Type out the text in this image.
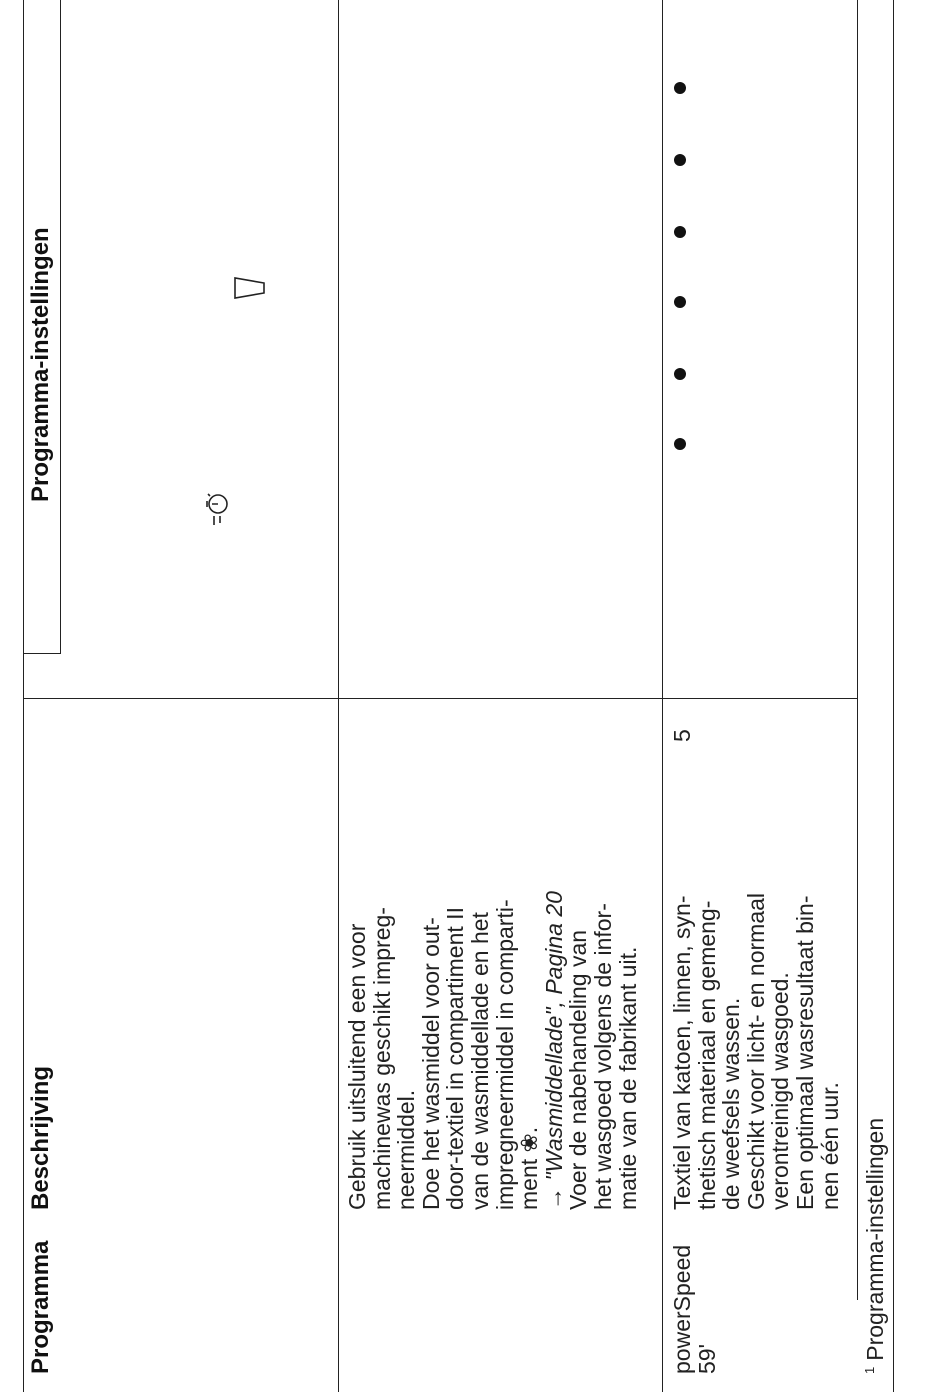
Programma
Beschrijving
Programma-instellingen
Gebruik uitsluitend een voor
machinewas geschikt impreg-
neermiddel.
Doe het wasmiddel voor out-
door-textiel in compartiment II
van de wasmiddellade en het
impregneermiddel in comparti-
ment ❀.
→ "Wasmiddellade", Pagina 20
Voer de nabehandeling van
het wasgoed volgens de infor-
matie van de fabrikant uit.
powerSpeed
59'
Textiel van katoen, linnen, syn-
thetisch materiaal en gemeng-
de weefsels wassen.
Geschikt voor licht- en normaal
verontreinigd wasgoed.
Een optimaal wasresultaat bin-
nen één uur.
5
$^1$Programma-instellingen
